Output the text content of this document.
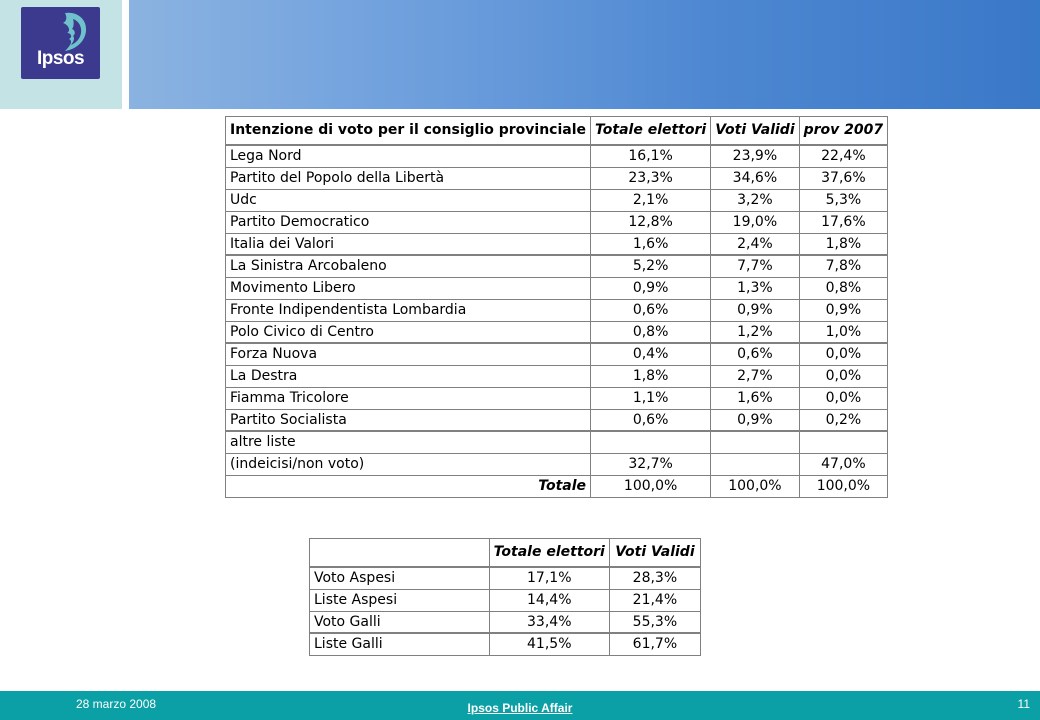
Ipsos
Intenzione di voto per il consiglio provinciale	Totale elettori	Voti Validi	prov 2007
Lega Nord	16,1%	23,9%	22,4%
Partito del Popolo della Libertà	23,3%	34,6%	37,6%
Udc	2,1%	3,2%	5,3%
Partito Democratico	12,8%	19,0%	17,6%
Italia dei Valori	1,6%	2,4%	1,8%
La Sinistra Arcobaleno	5,2%	7,7%	7,8%
Movimento Libero	0,9%	1,3%	0,8%
Fronte Indipendentista Lombardia	0,6%	0,9%	0,9%
Polo Civico di Centro	0,8%	1,2%	1,0%
Forza Nuova	0,4%	0,6%	0,0%
La Destra	1,8%	2,7%	0,0%
Fiamma Tricolore	1,1%	1,6%	0,0%
Partito Socialista	0,6%	0,9%	0,2%
altre liste			
(indeicisi/non voto)	32,7%		47,0%
Totale	100,0%	100,0%	100,0%
	Totale elettori	Voti Validi
Voto Aspesi	17,1%	28,3%
Liste Aspesi	14,4%	21,4%
Voto Galli	33,4%	55,3%
Liste Galli	41,5%	61,7%
28 marzo 2008	Ipsos Public Affair	11
